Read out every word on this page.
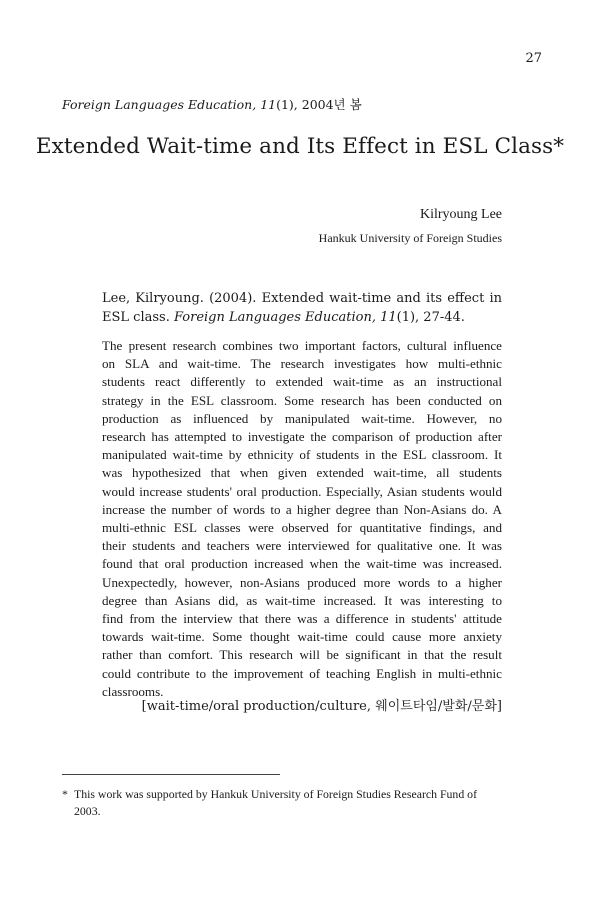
27
Foreign Languages Education, 11(1), 2004년 봄
Extended Wait-time and Its Effect in ESL Class*
Kilryoung Lee
Hankuk University of Foreign Studies
Lee, Kilryoung. (2004). Extended wait-time and its effect in ESL class. Foreign Languages Education, 11(1), 27-44.
The present research combines two important factors, cultural influence
on SLA and wait-time. The research investigates how multi-ethnic
students react differently to extended wait-time as an instructional
strategy in the ESL classroom. Some research has been conducted on
production as influenced by manipulated wait-time. However, no
research has attempted to investigate the comparison of production after
manipulated wait-time by ethnicity of students in the ESL classroom. It
was hypothesized that when given extended wait-time, all students
would increase students' oral production. Especially, Asian students would
increase the number of words to a higher degree than Non-Asians do. A
multi-ethnic ESL classes were observed for quantitative findings, and
their students and teachers were interviewed for qualitative one. It was
found that oral production increased when the wait-time was increased.
Unexpectedly, however, non-Asians produced more words to a higher
degree than Asians did, as wait-time increased. It was interesting to
find from the interview that there was a difference in students' attitude
towards wait-time. Some thought wait-time could cause more anxiety
rather than comfort. This research will be significant in that the result
could contribute to the improvement of teaching English in multi-ethnic
classrooms.
[wait-time/oral production/culture, 웨이트타임/발화/문화]
* This work was supported by Hankuk University of Foreign Studies Research Fund of
2003.
